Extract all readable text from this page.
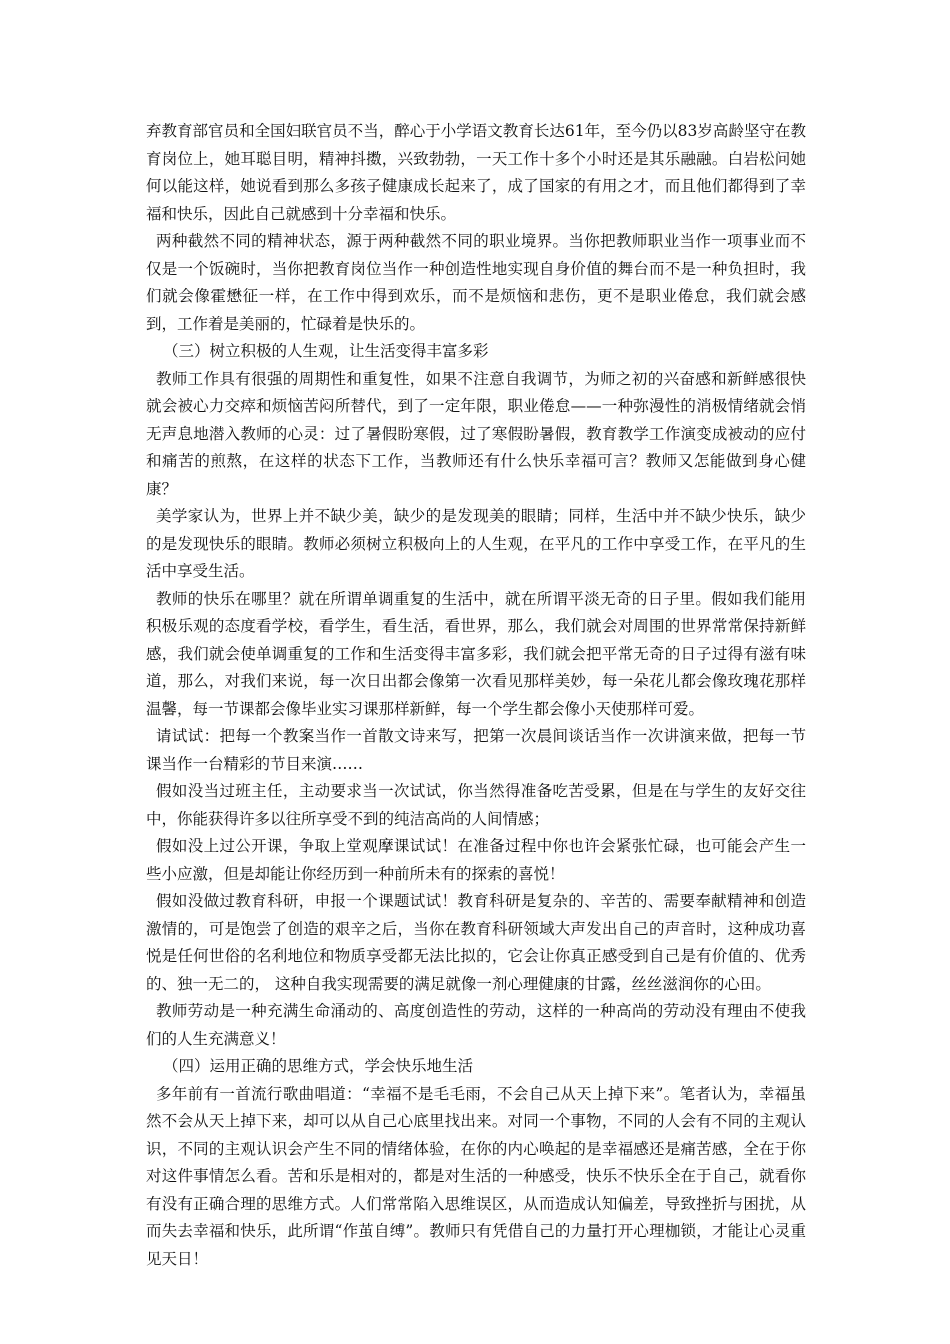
弃教育部官员和全国妇联官员不当，醉心于小学语文教育长达61年，至今仍以83岁高龄坚守在教育岗位上，她耳聪目明，精神抖擞，兴致勃勃，一天工作十多个小时还是其乐融融。白岩松问她何以能这样，她说看到那么多孩子健康成长起来了，成了国家的有用之才，而且他们都得到了幸福和快乐，因此自己就感到十分幸福和快乐。

两种截然不同的精神状态，源于两种截然不同的职业境界。当你把教师职业当作一项事业而不仅是一个饭碗时，当你把教育岗位当作一种创造性地实现自身价值的舞台而不是一种负担时，我们就会像霍懋征一样，在工作中得到欢乐，而不是烦恼和悲伤，更不是职业倦怠，我们就会感到，工作着是美丽的，忙碌着是快乐的。

（三）树立积极的人生观，让生活变得丰富多彩

教师工作具有很强的周期性和重复性，如果不注意自我调节，为师之初的兴奋感和新鲜感很快就会被心力交瘁和烦恼苦闷所替代，到了一定年限，职业倦怠——一种弥漫性的消极情绪就会悄无声息地潜入教师的心灵：过了暑假盼寒假，过了寒假盼暑假，教育教学工作演变成被动的应付和痛苦的煎熬，在这样的状态下工作，当教师还有什么快乐幸福可言？教师又怎能做到身心健康？

美学家认为，世界上并不缺少美，缺少的是发现美的眼睛；同样，生活中并不缺少快乐，缺少的是发现快乐的眼睛。教师必须树立积极向上的人生观，在平凡的工作中享受工作，在平凡的生活中享受生活。

教师的快乐在哪里？就在所谓单调重复的生活中，就在所谓平淡无奇的日子里。假如我们能用积极乐观的态度看学校，看学生，看生活，看世界，那么，我们就会对周围的世界常常保持新鲜感，我们就会使单调重复的工作和生活变得丰富多彩，我们就会把平常无奇的日子过得有滋有味道，那么，对我们来说，每一次日出都会像第一次看见那样美妙，每一朵花儿都会像玫瑰花那样温馨，每一节课都会像毕业实习课那样新鲜，每一个学生都会像小天使那样可爱。

请试试：把每一个教案当作一首散文诗来写，把第一次晨间谈话当作一次讲演来做，把每一节课当作一台精彩的节目来演……

假如没当过班主任，主动要求当一次试试，你当然得准备吃苦受累，但是在与学生的友好交往中，你能获得许多以往所享受不到的纯洁高尚的人间情感；

假如没上过公开课，争取上堂观摩课试试！在准备过程中你也许会紧张忙碌，也可能会产生一些小应激，但是却能让你经历到一种前所未有的探索的喜悦！

假如没做过教育科研，申报一个课题试试！教育科研是复杂的、辛苦的、需要奉献精神和创造激情的，可是饱尝了创造的艰辛之后，当你在教育科研领域大声发出自己的声音时，这种成功喜悦是任何世俗的名利地位和物质享受都无法比拟的，它会让你真正感受到自己是有价值的、优秀的、独一无二的， 这种自我实现需要的满足就像一剂心理健康的甘露，丝丝滋润你的心田。

教师劳动是一种充满生命涌动的、高度创造性的劳动，这样的一种高尚的劳动没有理由不使我们的人生充满意义！

（四）运用正确的思维方式，学会快乐地生活

多年前有一首流行歌曲唱道：“幸福不是毛毛雨，不会自己从天上掉下来”。笔者认为，幸福虽然不会从天上掉下来，却可以从自己心底里找出来。对同一个事物，不同的人会有不同的主观认识，不同的主观认识会产生不同的情绪体验，在你的内心唤起的是幸福感还是痛苦感，全在于你对这件事情怎么看。苦和乐是相对的，都是对生活的一种感受，快乐不快乐全在于自己，就看你有没有正确合理的思维方式。人们常常陷入思维误区，从而造成认知偏差，导致挫折与困扰，从而失去幸福和快乐，此所谓“作茧自缚”。教师只有凭借自己的力量打开心理枷锁，才能让心灵重见天日！
